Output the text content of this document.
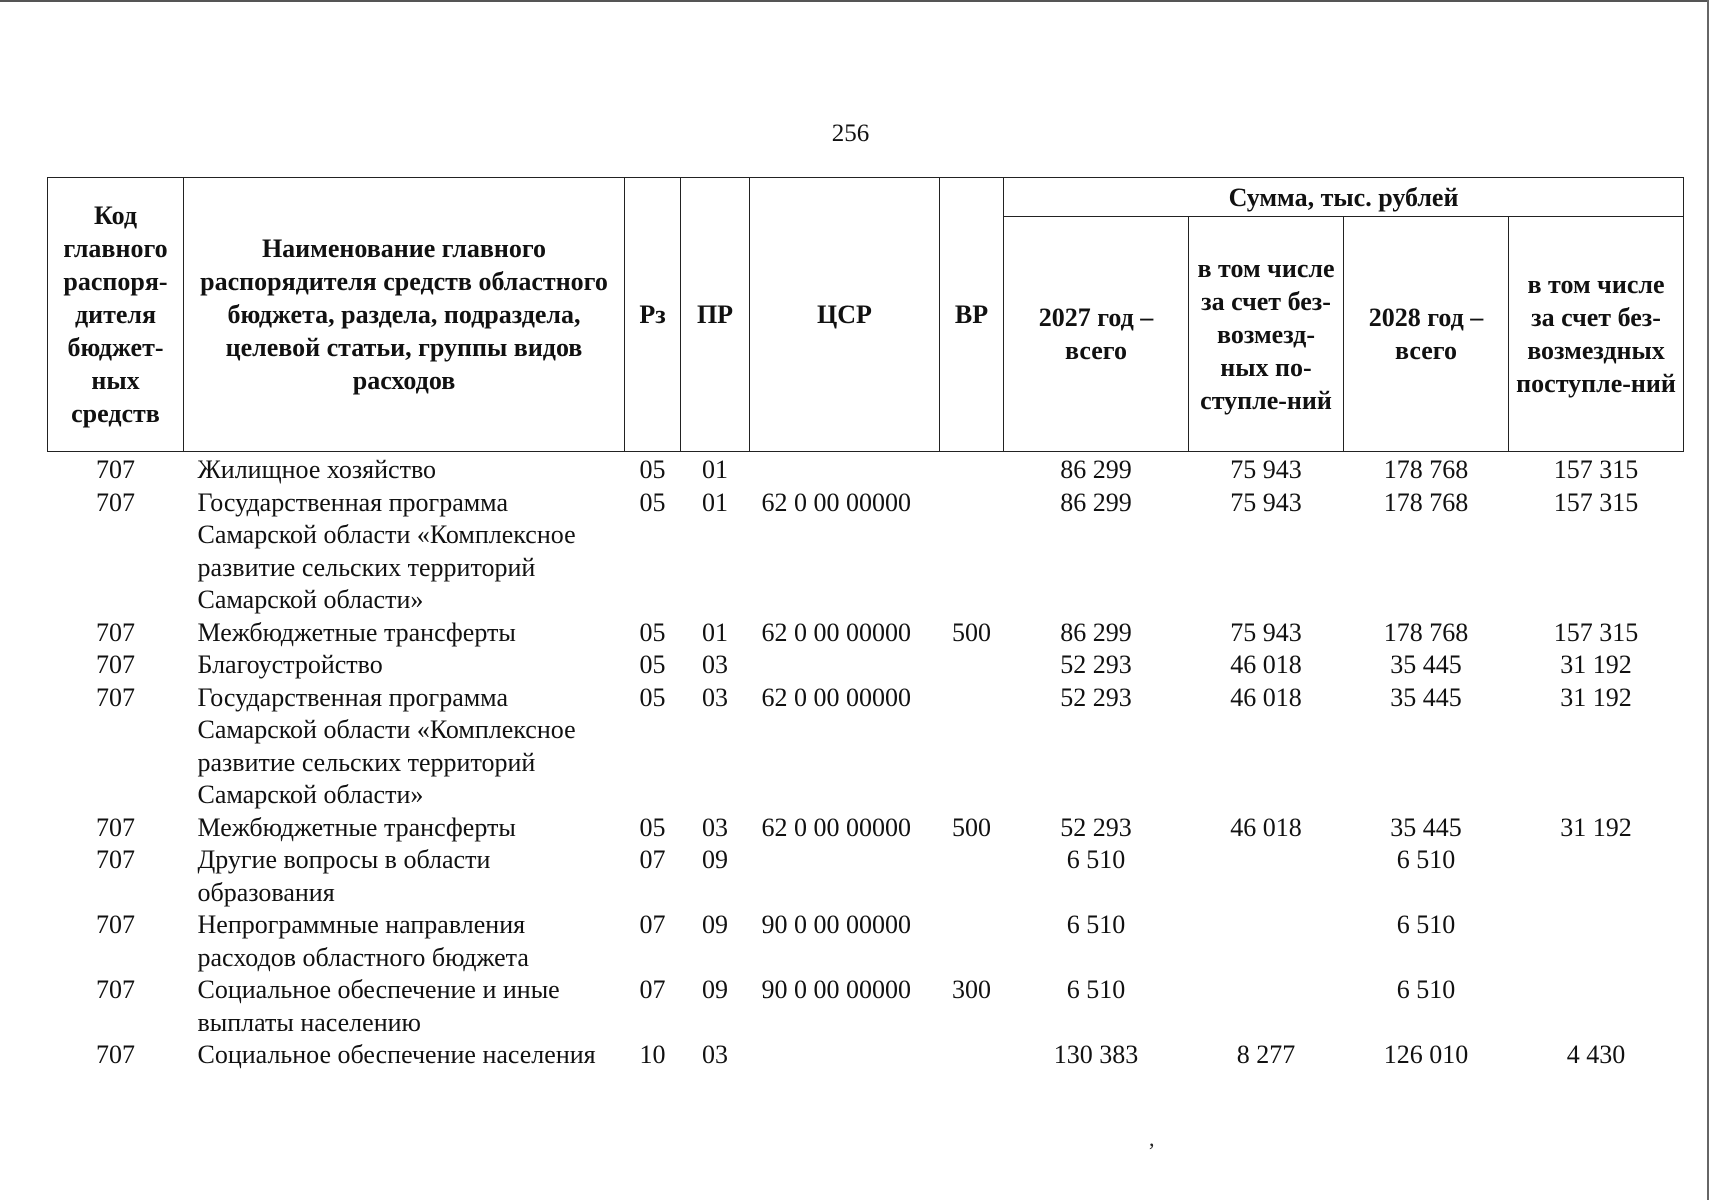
256
Код главного распоря-дителя бюджет-ных средств	Наименование главного распорядителя средств областного бюджета, раздела, подраздела, целевой статьи, группы видов расходов	Рз	ПР	ЦСР	ВР	Сумма, тыс. рублей			
						2027 год – всего	в том числе за счет без-возмезд-ных по-ступле-ний	2028 год – всего	в том числе за счет без-возмездных поступле-ний
707	Жилищное хозяйство	05	01			86 299	75 943	178 768	157 315
707	Государственная программа Самарской области «Комплексное развитие сельских территорий Самарской области»	05	01	62 0 00 00000		86 299	75 943	178 768	157 315
707	Межбюджетные трансферты	05	01	62 0 00 00000	500	86 299	75 943	178 768	157 315
707	Благоустройство	05	03			52 293	46 018	35 445	31 192
707	Государственная программа Самарской области «Комплексное развитие сельских территорий Самарской области»	05	03	62 0 00 00000		52 293	46 018	35 445	31 192
707	Межбюджетные трансферты	05	03	62 0 00 00000	500	52 293	46 018	35 445	31 192
707	Другие вопросы в области образования	07	09			6 510		6 510	
707	Непрограммные направления расходов областного бюджета	07	09	90 0 00 00000		6 510		6 510	
707	Социальное обеспечение и иные выплаты населению	07	09	90 0 00 00000	300	6 510		6 510	
707	Социальное обеспечение населения	10	03			130 383	8 277	126 010	4 430
,
